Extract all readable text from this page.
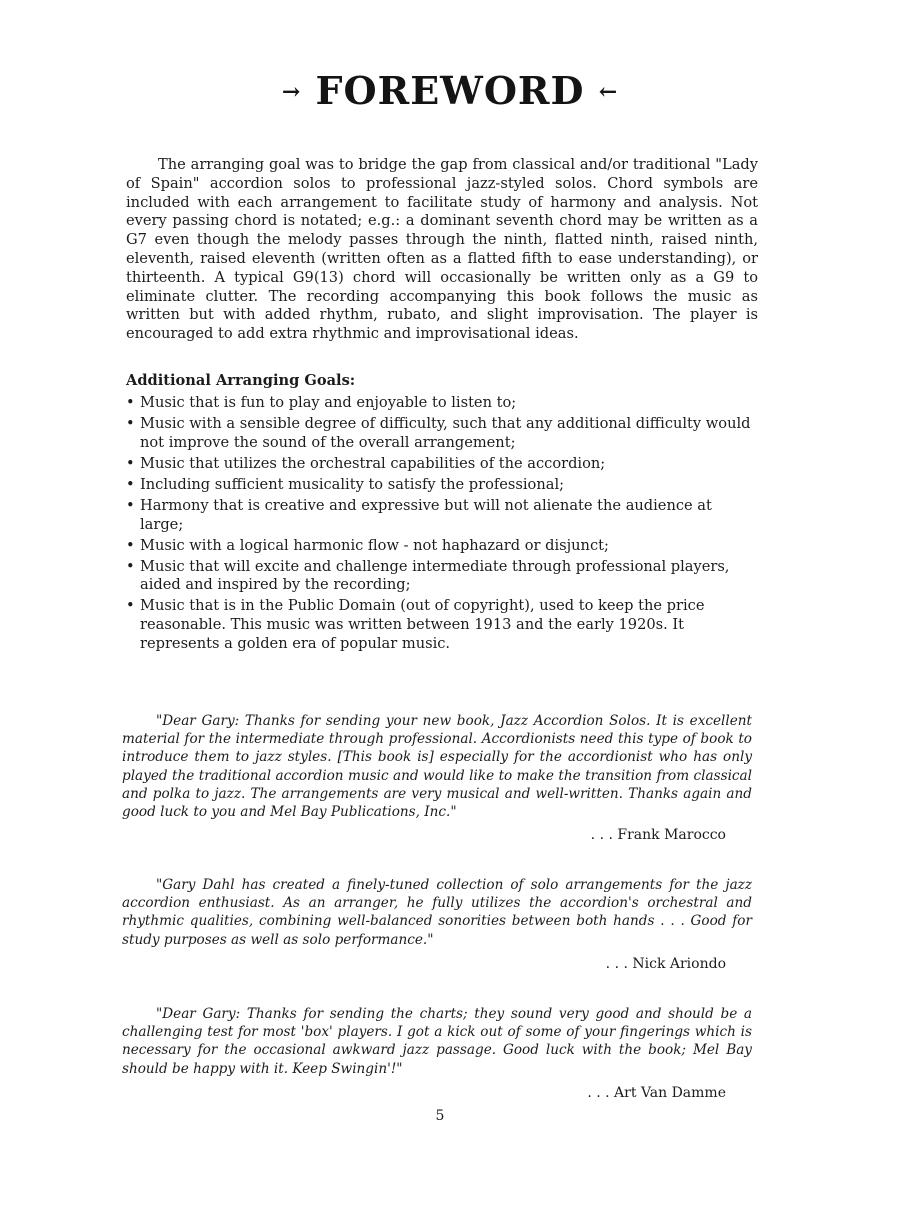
→ FOREWORD ←

The arranging goal was to bridge the gap from classical and/or traditional "Lady of Spain" accordion solos to professional jazz-styled solos. Chord symbols are included with each arrangement to facilitate study of harmony and analysis. Not every passing chord is notated; e.g.: a dominant seventh chord may be written as a G7 even though the melody passes through the ninth, flatted ninth, raised ninth, eleventh, raised eleventh (written often as a flatted fifth to ease understanding), or thirteenth. A typical G9(13) chord will occasionally be written only as a G9 to eliminate clutter. The recording accompanying this book follows the music as written but with added rhythm, rubato, and slight improvisation. The player is encouraged to add extra rhythmic and improvisational ideas.

Additional Arranging Goals:
• Music that is fun to play and enjoyable to listen to;
• Music with a sensible degree of difficulty, such that any additional difficulty would not improve the sound of the overall arrangement;
• Music that utilizes the orchestral capabilities of the accordion;
• Including sufficient musicality to satisfy the professional;
• Harmony that is creative and expressive but will not alienate the audience at large;
• Music with a logical harmonic flow - not haphazard or disjunct;
• Music that will excite and challenge intermediate through professional players, aided and inspired by the recording;
• Music that is in the Public Domain (out of copyright), used to keep the price reasonable. This music was written between 1913 and the early 1920s. It represents a golden era of popular music.

"Dear Gary: Thanks for sending your new book, Jazz Accordion Solos. It is excellent material for the intermediate through professional. Accordionists need this type of book to introduce them to jazz styles. [This book is] especially for the accordionist who has only played the traditional accordion music and would like to make the transition from classical and polka to jazz. The arrangements are very musical and well-written. Thanks again and good luck to you and Mel Bay Publications, Inc."

. . . Frank Marocco

"Gary Dahl has created a finely-tuned collection of solo arrangements for the jazz accordion enthusiast. As an arranger, he fully utilizes the accordion's orchestral and rhythmic qualities, combining well-balanced sonorities between both hands . . . Good for study purposes as well as solo performance."

. . . Nick Ariondo

"Dear Gary: Thanks for sending the charts; they sound very good and should be a challenging test for most 'box' players. I got a kick out of some of your fingerings which is necessary for the occasional awkward jazz passage. Good luck with the book; Mel Bay should be happy with it. Keep Swingin'!"

. . . Art Van Damme
5
